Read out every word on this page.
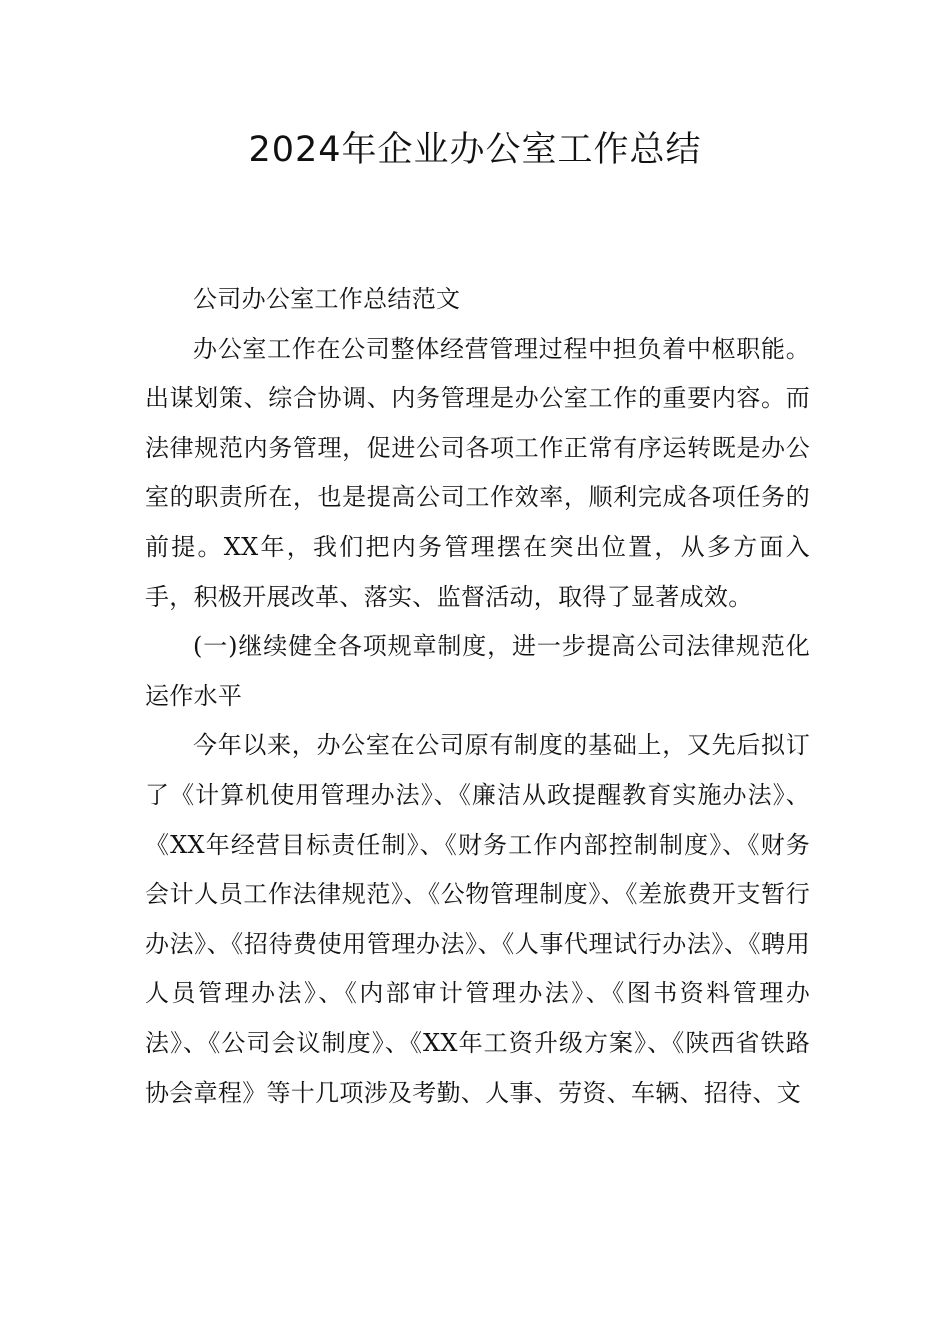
2024年企业办公室工作总结

公司办公室工作总结范文

办公室工作在公司整体经营管理过程中担负着中枢职能。出谋划策、综合协调、内务管理是办公室工作的重要内容。而法律规范内务管理，促进公司各项工作正常有序运转既是办公室的职责所在，也是提高公司工作效率，顺利完成各项任务的前提。XX年，我们把内务管理摆在突出位置，从多方面入手，积极开展改革、落实、监督活动，取得了显著成效。

(一)继续健全各项规章制度，进一步提高公司法律规范化运作水平

今年以来，办公室在公司原有制度的基础上，又先后拟订了《计算机使用管理办法》、《廉洁从政提醒教育实施办法》、《XX年经营目标责任制》、《财务工作内部控制制度》、《财务会计人员工作法律规范》、《公物管理制度》、《差旅费开支暂行办法》、《招待费使用管理办法》、《人事代理试行办法》、《聘用人员管理办法》、《内部审计管理办法》、《图书资料管理办法》、《公司会议制度》、《XX年工资升级方案》、《陕西省铁路协会章程》等十几项涉及考勤、人事、劳资、车辆、招待、文
